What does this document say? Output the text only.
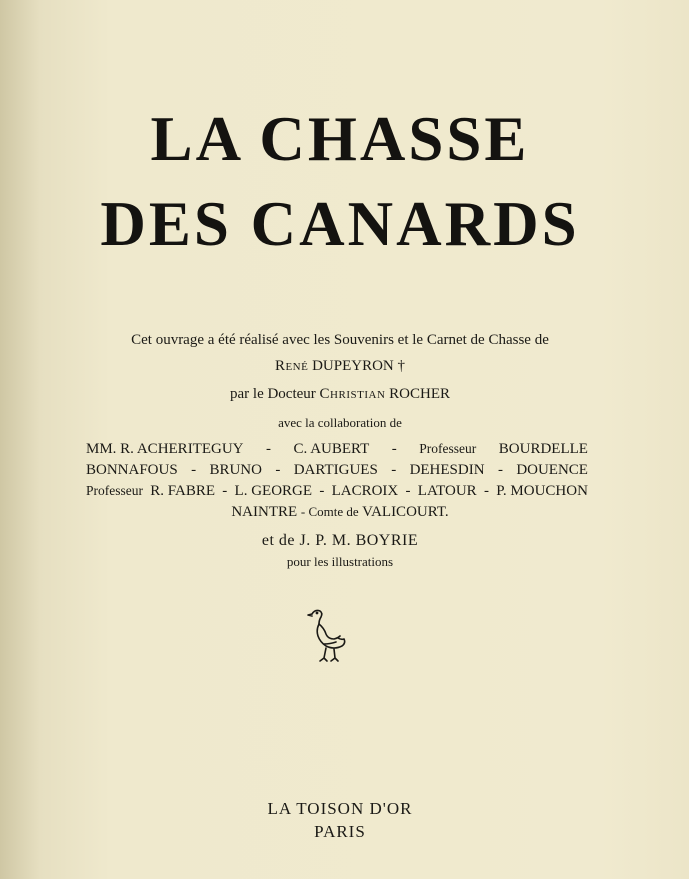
LA CHASSE
DES CANARDS
Cet ouvrage a été réalisé avec les Souvenirs et le Carnet de Chasse de
René DUPEYRON †
par le Docteur Christian ROCHER
avec la collaboration de
MM. R. ACHERITEGUY - C. AUBERT - Professeur BOURDELLE
BONNAFOUS - BRUNO - DARTIGUES - DEHESDIN - DOUENCE
Professeur R. FABRE - L. GEORGE - LACROIX - LATOUR - P. MOUCHON
NAINTRE - Comte de VALICOURT.
et de J. P. M. BOYRIE
pour les illustrations
LA TOISON D'OR
PARIS
